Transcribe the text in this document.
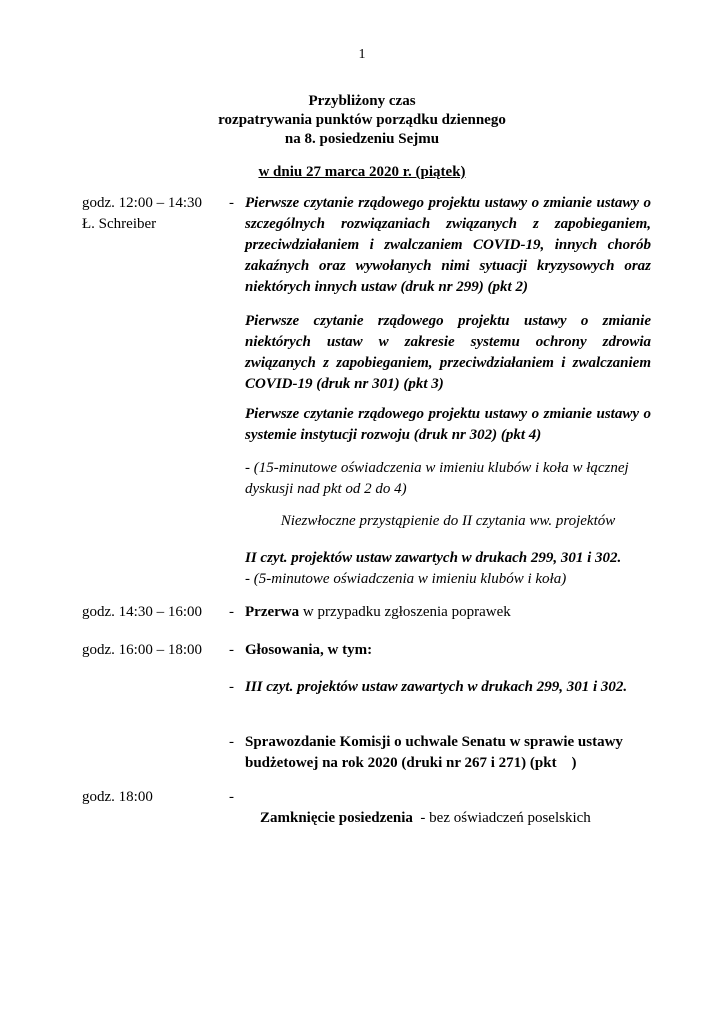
1
Przybliżony czas
rozpatrywania punktów porządku dziennego
na 8. posiedzeniu Sejmu
w dniu 27 marca 2020 r. (piątek)
godz. 12:00 – 14:30
Ł. Schreiber
- Pierwsze czytanie rządowego projektu ustawy o zmianie ustawy o szczególnych rozwiązaniach związanych z zapobieganiem, przeciwdziałaniem i zwalczaniem COVID-19, innych chorób zakaźnych oraz wywołanych nimi sytuacji kryzysowych oraz niektórych innych ustaw (druk nr 299) (pkt 2)

Pierwsze czytanie rządowego projektu ustawy o zmianie niektórych ustaw w zakresie systemu ochrony zdrowia związanych z zapobieganiem, przeciwdziałaniem i zwalczaniem COVID-19 (druk nr 301) (pkt 3)

Pierwsze czytanie rządowego projektu ustawy o zmianie ustawy o systemie instytucji rozwoju (druk nr 302) (pkt 4)

- (15-minutowe oświadczenia w imieniu klubów i koła w łącznej dyskusji nad pkt od 2 do 4)

Niezwłoczne przystąpienie do II czytania ww. projektów

II czyt. projektów ustaw zawartych w drukach 299, 301 i 302.

- (5-minutowe oświadczenia w imieniu klubów i koła)

godz. 14:30 – 16:00 - Przerwa w przypadku zgłoszenia poprawek

godz. 16:00 – 18:00 - Głosowania, w tym:

- III czyt. projektów ustaw zawartych w drukach 299, 301 i 302.

- Sprawozdanie Komisji o uchwale Senatu w sprawie ustawy
budżetowej na rok 2020 (druki nr 267 i 271) (pkt    )
godz. 18:00	-

Zamknięcie posiedzenia  - bez oświadczeń poselskich
